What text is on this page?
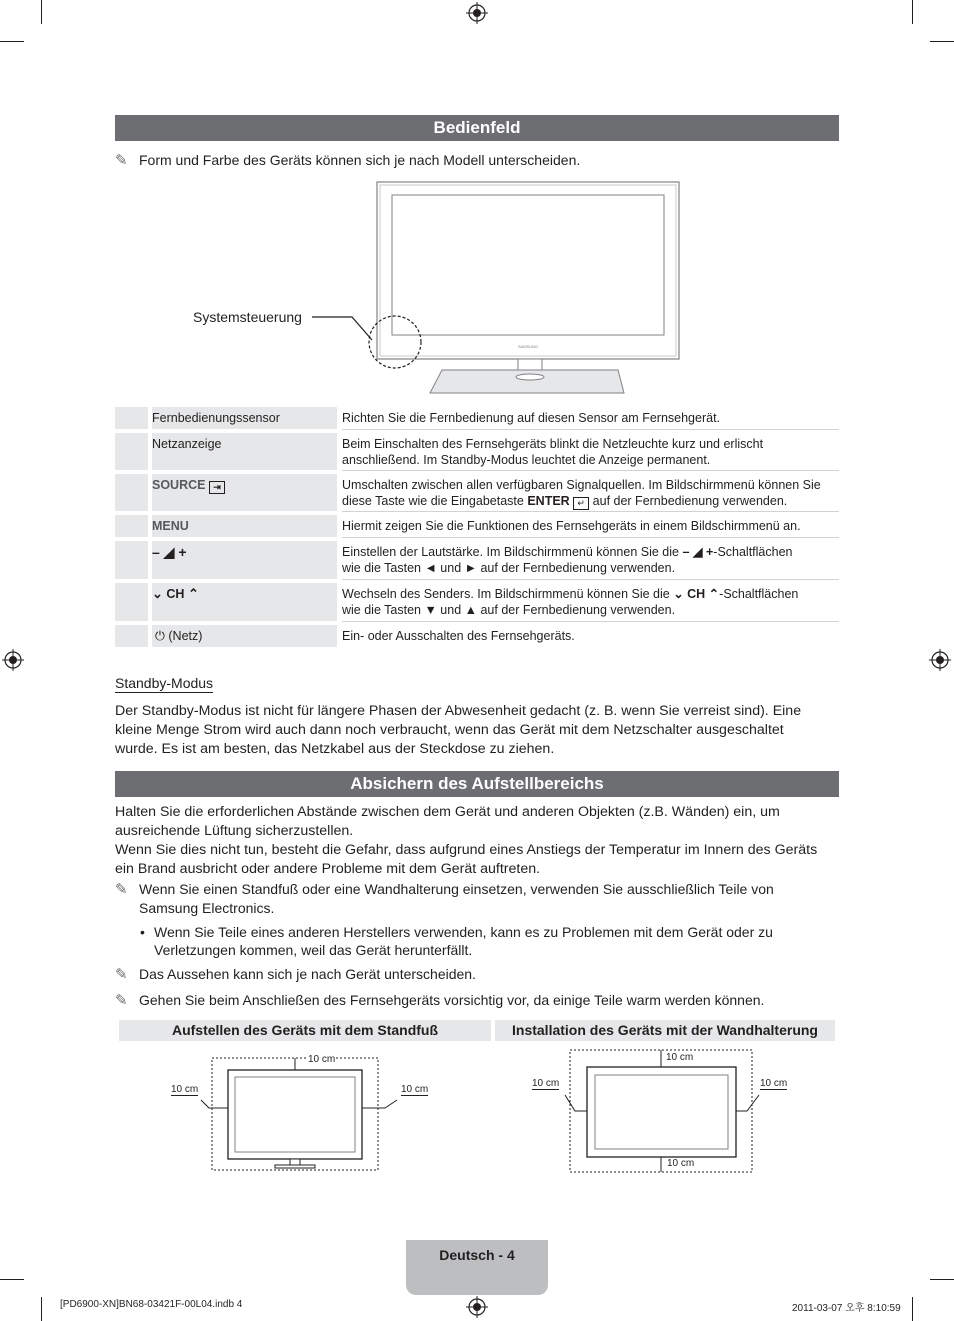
Bedienfeld
✎ Form und Farbe des Geräts können sich je nach Modell unterscheiden.
SAMSUNG
Systemsteuerung
Fernbedienungssensor	Richten Sie die Fernbedienung auf diesen Sensor am Fernsehgerät.
Netzanzeige	Beim Einschalten des Fernsehgeräts blinkt die Netzleuchte kurz und erlischt
anschließend. Im Standby-Modus leuchtet die Anzeige permanent.
SOURCE ⇥	Umschalten zwischen allen verfügbaren Signalquellen. Im Bildschirmmenü können Sie
diese Taste wie die Eingabetaste ENTER ↵ auf der Fernbedienung verwenden.
MENU	Hiermit zeigen Sie die Funktionen des Fernsehgeräts in einem Bildschirmmenü an.
– ◢ +	Einstellen der Lautstärke. Im Bildschirmmenü können Sie die – ◢ +-Schaltflächen
wie die Tasten ◄ und ► auf der Fernbedienung verwenden.
⌄ CH ⌃	Wechseln des Senders. Im Bildschirmmenü können Sie die ⌄ CH ⌃-Schaltflächen
wie die Tasten ▼ und ▲ auf der Fernbedienung verwenden.
⏻ (Netz)	Ein- oder Ausschalten des Fernsehgeräts.
Standby-Modus
Der Standby-Modus ist nicht für längere Phasen der Abwesenheit gedacht (z. B. wenn Sie verreist sind). Eine
kleine Menge Strom wird auch dann noch verbraucht, wenn das Gerät mit dem Netzschalter ausgeschaltet
wurde. Es ist am besten, das Netzkabel aus der Steckdose zu ziehen.
Absichern des Aufstellbereichs
Halten Sie die erforderlichen Abstände zwischen dem Gerät und anderen Objekten (z.B. Wänden) ein, um
ausreichende Lüftung sicherzustellen.
Wenn Sie dies nicht tun, besteht die Gefahr, dass aufgrund eines Anstiegs der Temperatur im Innern des Geräts
ein Brand ausbricht oder andere Probleme mit dem Gerät auftreten.
✎ Wenn Sie einen Standfuß oder eine Wandhalterung einsetzen, verwenden Sie ausschließlich Teile von
Samsung Electronics.
• Wenn Sie Teile eines anderen Herstellers verwenden, kann es zu Problemen mit dem Gerät oder zu
Verletzungen kommen, weil das Gerät herunterfällt.
✎ Das Aussehen kann sich je nach Gerät unterscheiden.
✎ Gehen Sie beim Anschließen des Fernsehgeräts vorsichtig vor, da einige Teile warm werden können.
Aufstellen des Geräts mit dem Standfuß	Installation des Geräts mit der Wandhalterung
10 cm
10 cm	10 cm
10 cm
10 cm	10 cm
10 cm
Deutsch - 4
[PD6900-XN]BN68-03421F-00L04.indb 4	2011-03-07 오후 8:10:59
